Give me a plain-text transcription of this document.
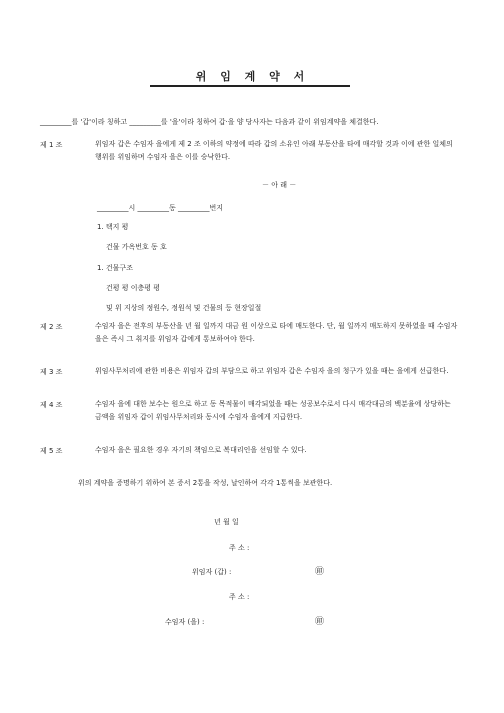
위 임 계 약 서
_________를 '갑'이라 칭하고 _________를 '을'이라 칭하여 갑·을 양 당사자는 다음과 같이 위임계약을 체결한다.
제 1 조	위임자 갑은 수임자 을에게 제 2 조 이하의 약정에 따라 갑의 소유인 아래 부동산을 타에 매각할 것과 이에 관한 일체의 행위를 위임하며 수임자 을은 이를 승낙한다.
－ 아 래 －
_________시 _________동 _________번지
1. 택지 평
건물 가옥번호 동 호
1. 건물구조
건평 평 이층평 평
및 위 지상의 정원수, 정원석 및 건물의 등 현장일절
제 2 조	수임자 을은 전후의 부동산을 년 월 일까지 대금 원 이상으로 타에 매도한다. 단, 월 일까지 매도하지 못하였을 때 수임자 을은 즉시 그 취지를 위임자 갑에게 통보하여야 한다.
제 3 조	위임사무처리에 관한 비용은 위임자 갑의 부담으로 하고 위임자 갑은 수임자 을의 청구가 있을 때는 을에게 선급한다.
제 4 조	수임자 을에 대한 보수는 원으로 하고 동 목적물이 매각되었을 때는 성공보수로서 다시 매각대금의 백분율에 상당하는 금액을 위임자 갑이 위임사무처리와 동시에 수임자 을에게 지급한다.
제 5 조	수임자 을은 필요한 경우 자기의 책임으로 복대리인을 선임할 수 있다.
위의 계약을 증명하기 위하여 본 증서 2통을 작성, 날인하여 각각 1통씩을 보관한다.
년 월 일
주 소 :
위임자 (갑) :	㊞
주 소 :
수임자 (을) :	㊞
